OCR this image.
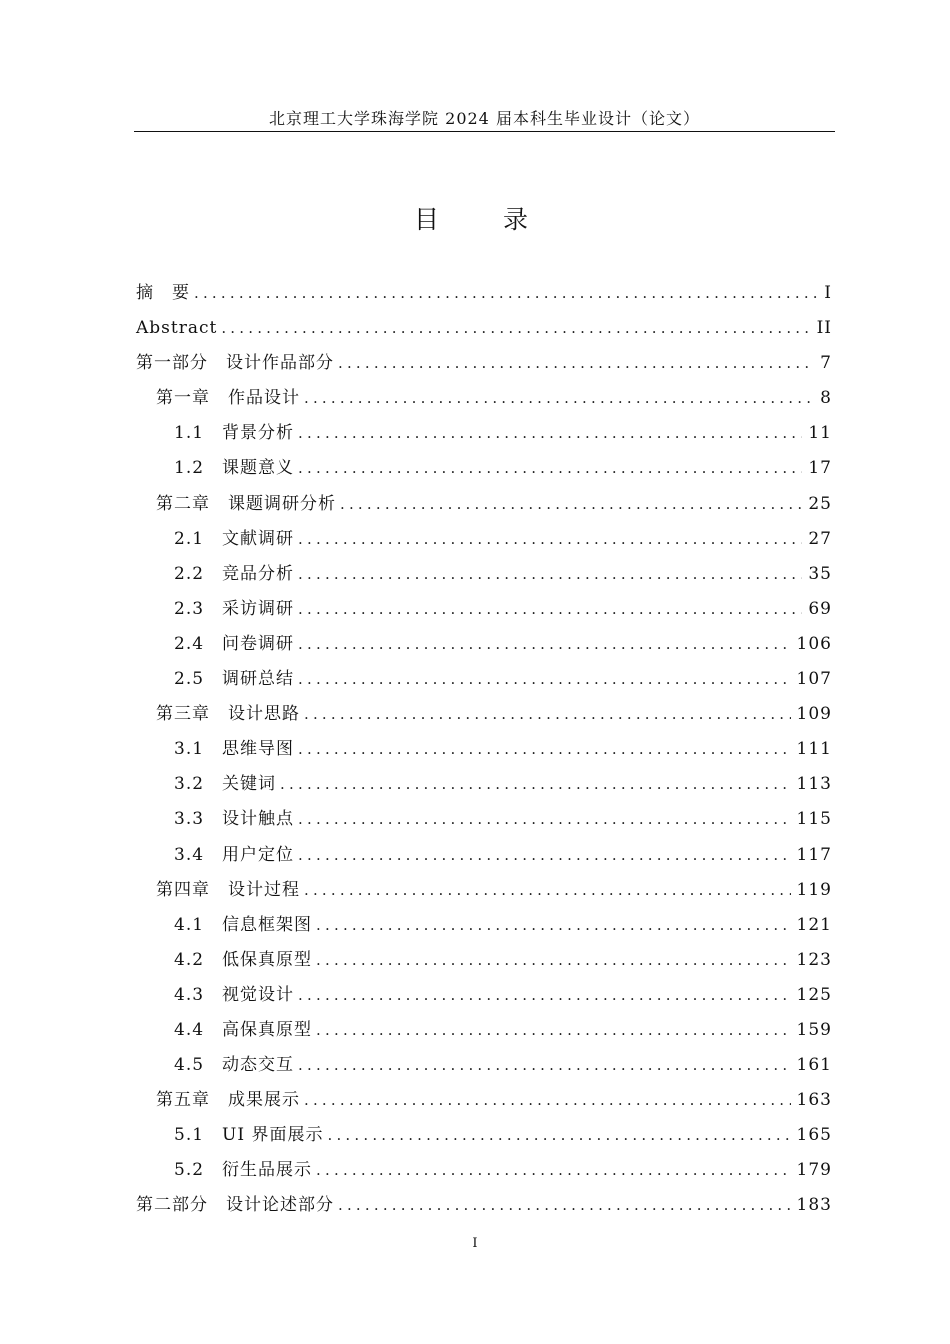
北京理工大学珠海学院 2024 届本科生毕业设计（论文）
目 录
摘　要 .....	I
Abstract .....	II
第一部分　设计作品部分 .....	7
第一章　作品设计 .....	8
1.1　背景分析 .....	11
1.2　课题意义 .....	17
第二章　课题调研分析 .....	25
2.1　文献调研 .....	27
2.2　竞品分析 .....	35
2.3　采访调研 .....	69
2.4　问卷调研 .....	106
2.5　调研总结 .....	107
第三章　设计思路 .....	109
3.1　思维导图 .....	111
3.2　关键词 .....	113
3.3　设计触点 .....	115
3.4　用户定位 .....	117
第四章　设计过程 .....	119
4.1　信息框架图 .....	121
4.2　低保真原型 .....	123
4.3　视觉设计 .....	125
4.4　高保真原型 .....	159
4.5　动态交互 .....	161
第五章　成果展示 .....	163
5.1　UI 界面展示 .....	165
5.2　衍生品展示 .....	179
第二部分　设计论述部分 .....	183
I
